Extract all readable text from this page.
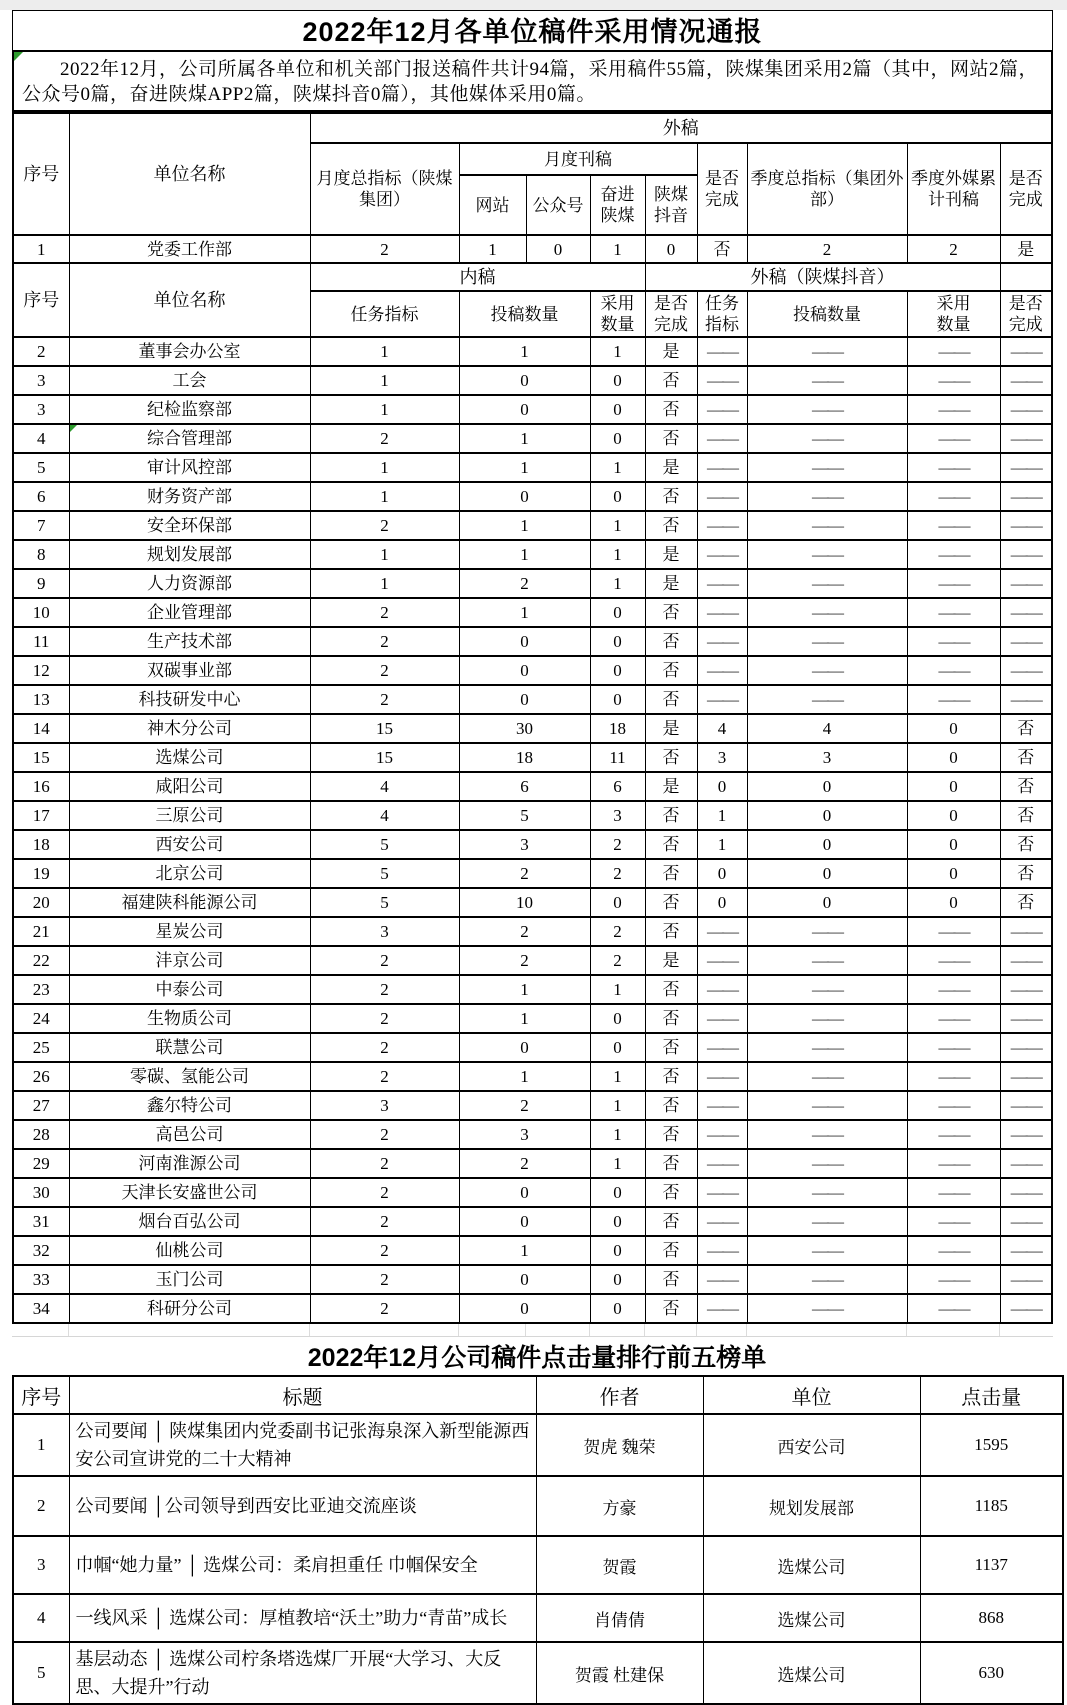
2022年12月各单位稿件采用情况通报

2022年12月，公司所属各单位和机关部门报送稿件共计94篇，采用稿件55篇，陕煤集团采用2篇（其中，网站2篇，公众号0篇，奋进陕煤APP2篇，陕煤抖音0篇），其他媒体采用0篇。

序号	单位名称	外稿								
		月度总指标（陕煤集团）	月度刊稿				是否完成	季度总指标（集团外部）	季度外媒累计刊稿	是否完成
			网站	公众号	奋进陕煤	陕煤抖音				
1	党委工作部	2	1	0	1	0	否	2	2	是
序号	单位名称	内稿				外稿（陕煤抖音）				
		任务指标	投稿数量		采用数量	是否完成	任务指标	投稿数量	采用数量	是否完成
2	董事会办公室	1	1		1	是	——	——	——	——
3	工会	1	0		0	否	——	——	——	——
3	纪检监察部	1	0		0	否	——	——	——	——
4	综合管理部	2	1		0	否	——	——	——	——
5	审计风控部	1	1		1	是	——	——	——	——
6	财务资产部	1	0		0	否	——	——	——	——
7	安全环保部	2	1		1	否	——	——	——	——
8	规划发展部	1	1		1	是	——	——	——	——
9	人力资源部	1	2		1	是	——	——	——	——
10	企业管理部	2	1		0	否	——	——	——	——
11	生产技术部	2	0		0	否	——	——	——	——
12	双碳事业部	2	0		0	否	——	——	——	——
13	科技研发中心	2	0		0	否	——	——	——	——
14	神木分公司	15	30		18	是	4	4	0	否
15	选煤公司	15	18		11	否	3	3	0	否
16	咸阳公司	4	6		6	是	0	0	0	否
17	三原公司	4	5		3	否	1	0	0	否
18	西安公司	5	3		2	否	1	0	0	否
19	北京公司	5	2		2	否	0	0	0	否
20	福建陕科能源公司	5	10		0	否	0	0	0	否
21	星炭公司	3	2		2	否	——	——	——	——
22	沣京公司	2	2		2	是	——	——	——	——
23	中泰公司	2	1		1	否	——	——	——	——
24	生物质公司	2	1		0	否	——	——	——	——
25	联慧公司	2	0		0	否	——	——	——	——
26	零碳、氢能公司	2	1		1	否	——	——	——	——
27	鑫尔特公司	3	2		1	否	——	——	——	——
28	高邑公司	2	3		1	否	——	——	——	——
29	河南淮源公司	2	2		1	否	——	——	——	——
30	天津长安盛世公司	2	0		0	否	——	——	——	——
31	烟台百弘公司	2	0		0	否	——	——	——	——
32	仙桃公司	2	1		0	否	——	——	——	——
33	玉门公司	2	0		0	否	——	——	——	——
34	科研分公司	2	0		0	否	——	——	——	——
2022年12月公司稿件点击量排行前五榜单
序号	标题	作者	单位	点击量
1	公司要闻 │ 陕煤集团内党委副书记张海泉深入新型能源西安公司宣讲党的二十大精神	贺虎 魏荣	西安公司	1595
2	公司要闻 │公司领导到西安比亚迪交流座谈	方豪	规划发展部	1185
3	巾帼“她力量” │ 选煤公司：柔肩担重任 巾帼保安全	贺霞	选煤公司	1137
4	一线风采 │ 选煤公司：厚植教培“沃土”助力“青苗”成长	肖倩倩	选煤公司	868
5	基层动态 │ 选煤公司柠条塔选煤厂开展“大学习、大反思、大提升”行动	贺霞 杜建保	选煤公司	630
